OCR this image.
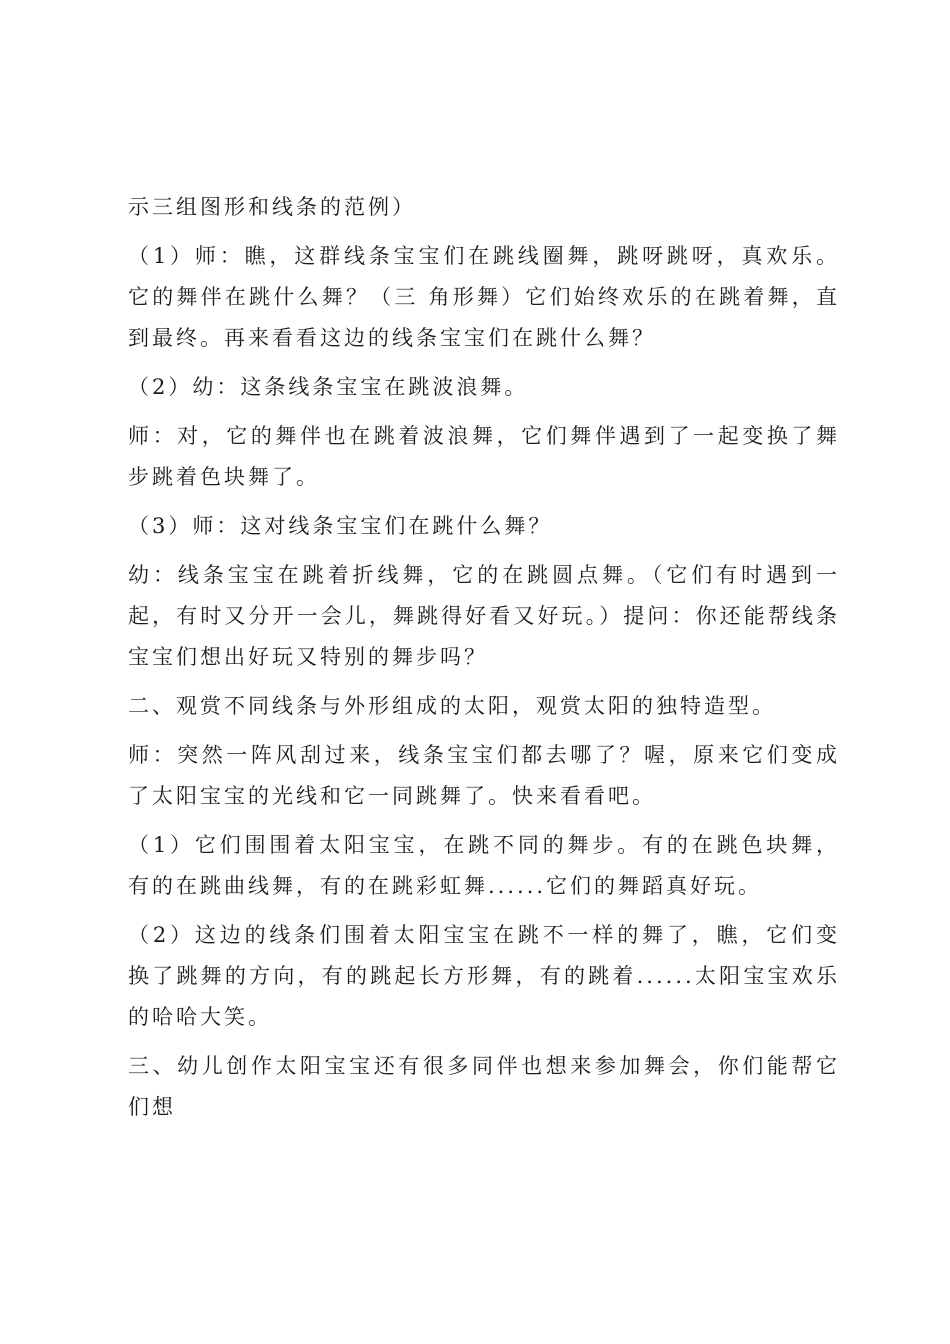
示三组图形和线条的范例）

（1）师：瞧，这群线条宝宝们在跳线圈舞，跳呀跳呀，真欢乐。它的舞伴在跳什么舞？（三 角形舞）它们始终欢乐的在跳着舞，直到最终。再来看看这边的线条宝宝们在跳什么舞？

（2）幼：这条线条宝宝在跳波浪舞。

师：对，它的舞伴也在跳着波浪舞，它们舞伴遇到了一起变换了舞步跳着色块舞了。

（3）师：这对线条宝宝们在跳什么舞？

幼：线条宝宝在跳着折线舞，它的在跳圆点舞。（它们有时遇到一起，有时又分开一会儿，舞跳得好看又好玩。）提问：你还能帮线条宝宝们想出好玩又特别的舞步吗？

二、观赏不同线条与外形组成的太阳，观赏太阳的独特造型。

师：突然一阵风刮过来，线条宝宝们都去哪了？喔，原来它们变成了太阳宝宝的光线和它一同跳舞了。快来看看吧。

（1）它们围围着太阳宝宝，在跳不同的舞步。有的在跳色块舞，有的在跳曲线舞，有的在跳彩虹舞......它们的舞蹈真好玩。

（2）这边的线条们围着太阳宝宝在跳不一样的舞了，瞧，它们变换了跳舞的方向，有的跳起长方形舞，有的跳着......太阳宝宝欢乐的哈哈大笑。

三、幼儿创作太阳宝宝还有很多同伴也想来参加舞会，你们能帮它们想
